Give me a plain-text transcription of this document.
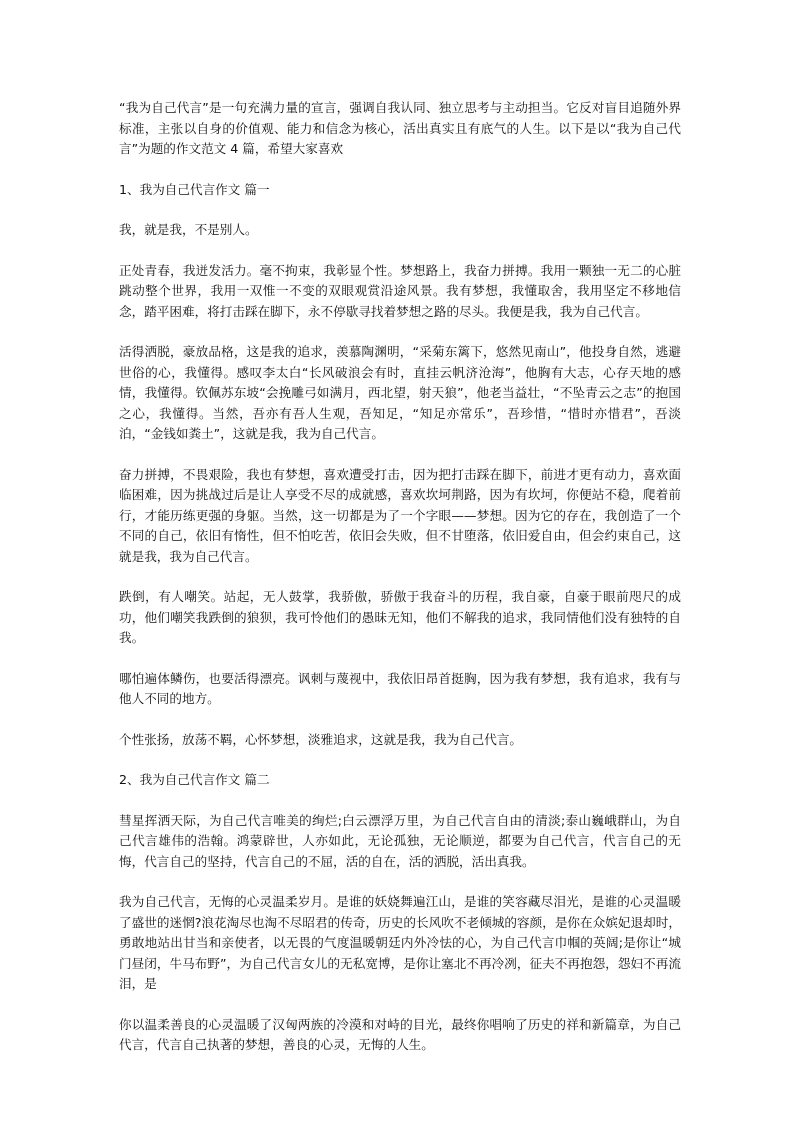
“我为自己代言”是一句充满力量的宣言，强调自我认同、独立思考与主动担当。它反对盲目追随外界标准，主张以自身的价值观、能力和信念为核心，活出真实且有底气的人生。以下是以“我为自己代言”为题的作文范文 4 篇，希望大家喜欢

1、我为自己代言作文 篇一

我，就是我，不是别人。

正处青春，我迸发活力。毫不拘束，我彰显个性。梦想路上，我奋力拼搏。我用一颗独一无二的心脏跳动整个世界，我用一双惟一不变的双眼观赏沿途风景。我有梦想，我懂取舍，我用坚定不移地信念，踏平困难，将打击踩在脚下，永不停歇寻找着梦想之路的尽头。我便是我，我为自己代言。

活得洒脱，豪放品格，这是我的追求，羡慕陶渊明，“采菊东篱下，悠然见南山”，他投身自然，逃避世俗的心，我懂得。感叹李太白“长风破浪会有时，直挂云帆济沧海”，他胸有大志，心存天地的感情，我懂得。钦佩苏东坡“会挽雕弓如满月，西北望，射天狼”，他老当益壮，“不坠青云之志”的抱国之心，我懂得。当然，吾亦有吾人生观，吾知足，“知足亦常乐”，吾珍惜，“惜时亦惜君”，吾淡泊，“金钱如粪土”，这就是我，我为自己代言。

奋力拼搏，不畏艰险，我也有梦想，喜欢遭受打击，因为把打击踩在脚下，前进才更有动力，喜欢面临困难，因为挑战过后是让人享受不尽的成就感，喜欢坎坷荆路，因为有坎坷，你便站不稳，爬着前行，才能历练更强的身躯。当然，这一切都是为了一个字眼——梦想。因为它的存在，我创造了一个不同的自己，依旧有惰性，但不怕吃苦，依旧会失败，但不甘堕落，依旧爱自由，但会约束自己，这就是我，我为自己代言。

跌倒，有人嘲笑。站起，无人鼓掌，我骄傲，骄傲于我奋斗的历程，我自豪，自豪于眼前咫尺的成功，他们嘲笑我跌倒的狼狈，我可怜他们的愚昧无知，他们不解我的追求，我同情他们没有独特的自我。

哪怕遍体鳞伤，也要活得漂亮。讽刺与蔑视中，我依旧昂首挺胸，因为我有梦想，我有追求，我有与他人不同的地方。

个性张扬，放荡不羁，心怀梦想，淡雅追求，这就是我，我为自己代言。

2、我为自己代言作文 篇二

彗星挥洒天际，为自己代言唯美的绚烂;白云漂浮万里，为自己代言自由的清淡;泰山巍峨群山，为自己代言雄伟的浩翰。鸿蒙辟世，人亦如此，无论孤独，无论顺逆，都要为自己代言，代言自己的无悔，代言自己的坚持，代言自己的不屈，活的自在，活的洒脱，活出真我。

我为自己代言，无悔的心灵温柔岁月。是谁的妖娆舞遍江山，是谁的笑容藏尽泪光，是谁的心灵温暖了盛世的迷惘?浪花淘尽也淘不尽昭君的传奇，历史的长风吹不老倾城的容颜，是你在众嫔妃退却时，勇敢地站出甘当和亲使者，以无畏的气度温暖朝廷内外冷怯的心，为自己代言巾帼的英阔;是你让“城门昼闭，牛马布野”，为自己代言女儿的无私宽博，是你让塞北不再冷冽，征夫不再抱怨，怨妇不再流泪，是

你以温柔善良的心灵温暖了汉匈两族的冷漠和对峙的目光，最终你唱响了历史的祥和新篇章，为自己代言，代言自己执著的梦想，善良的心灵，无悔的人生。
